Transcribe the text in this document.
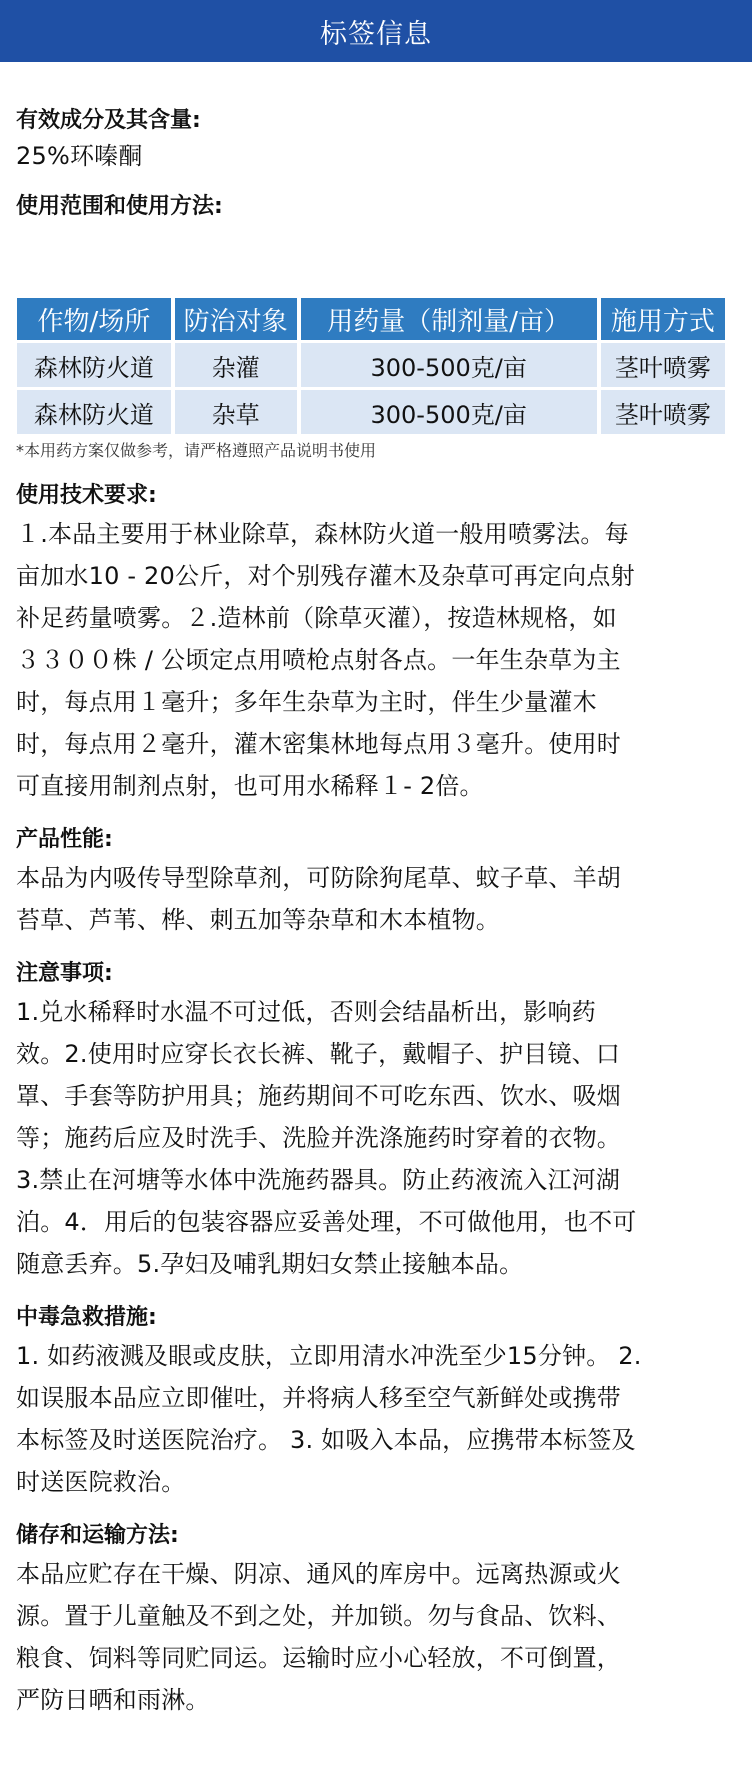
标签信息
有效成分及其含量:
25%环嗪酮
使用范围和使用方法:
作物/场所	防治对象	用药量（制剂量/亩）	施用方式
森林防火道	杂灌	300-500克/亩	茎叶喷雾
森林防火道	杂草	300-500克/亩	茎叶喷雾
*本用药方案仅做参考，请严格遵照产品说明书使用
使用技术要求:
１.本品主要用于林业除草，森林防火道一般用喷雾法。每
亩加水10 - 20公斤，对个别残存灌木及杂草可再定向点射
补足药量喷雾。２.造林前（除草灭灌），按造林规格，如
３３００株 / 公顷定点用喷枪点射各点。一年生杂草为主
时，每点用１毫升；多年生杂草为主时，伴生少量灌木
时，每点用２毫升，灌木密集林地每点用３毫升。使用时
可直接用制剂点射，也可用水稀释１- 2倍。
产品性能:
本品为内吸传导型除草剂，可防除狗尾草、蚊子草、羊胡
苔草、芦苇、桦、刺五加等杂草和木本植物。
注意事项:
1.兑水稀释时水温不可过低，否则会结晶析出，影响药
效。2.使用时应穿长衣长裤、靴子，戴帽子、护目镜、口
罩、手套等防护用具；施药期间不可吃东西、饮水、吸烟
等；施药后应及时洗手、洗脸并洗涤施药时穿着的衣物。
3.禁止在河塘等水体中洗施药器具。防止药液流入江河湖
泊。4．用后的包装容器应妥善处理，不可做他用，也不可
随意丢弃。5.孕妇及哺乳期妇女禁止接触本品。
中毒急救措施:
1. 如药液溅及眼或皮肤，立即用清水冲洗至少15分钟。 2.
如误服本品应立即催吐，并将病人移至空气新鲜处或携带
本标签及时送医院治疗。 3. 如吸入本品，应携带本标签及
时送医院救治。
储存和运输方法:
本品应贮存在干燥、阴凉、通风的库房中。远离热源或火
源。置于儿童触及不到之处，并加锁。勿与食品、饮料、
粮食、饲料等同贮同运。运输时应小心轻放，不可倒置，
严防日晒和雨淋。
